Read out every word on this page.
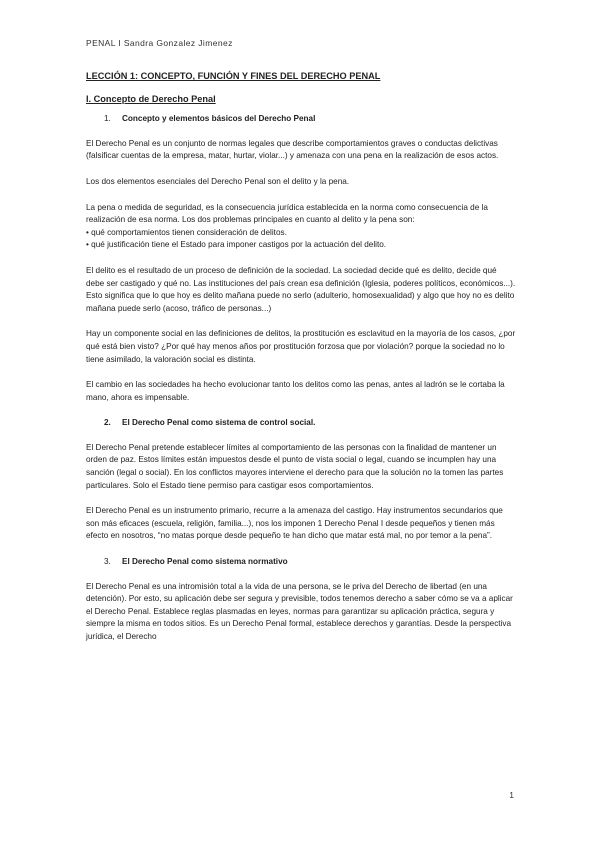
PENAL I Sandra Gonzalez Jimenez
LECCIÓN 1: CONCEPTO, FUNCIÓN Y FINES DEL DERECHO PENAL
I. Concepto de Derecho Penal
1. Concepto y elementos básicos del Derecho Penal

El Derecho Penal es un conjunto de normas legales que describe comportamientos graves o conductas delictivas (falsificar cuentas de la empresa, matar, hurtar, violar...) y amenaza con una pena en la realización de esos actos.

Los dos elementos esenciales del Derecho Penal son el delito y la pena.

La pena o medida de seguridad, es la consecuencia jurídica establecida en la norma como consecuencia de la realización de esa norma. Los dos problemas principales en cuanto al delito y la pena son:

• qué comportamientos tienen consideración de delitos.
• qué justificación tiene el Estado para imponer castigos por la actuación del delito.

El delito es el resultado de un proceso de definición de la sociedad. La sociedad decide qué es delito, decide qué debe ser castigado y qué no. Las instituciones del país crean esa definición (Iglesia, poderes políticos, económicos...). Esto significa que lo que hoy es delito mañana puede no serlo (adulterio, homosexualidad) y algo que hoy no es delito mañana puede serlo (acoso, tráfico de personas...)

Hay un componente social en las definiciones de delitos, la prostitución es esclavitud en la mayoría de los casos, ¿por qué está bien visto? ¿Por qué hay menos años por prostitución forzosa que por violación? porque la sociedad no lo tiene asimilado, la valoración social es distinta.

El cambio en las sociedades ha hecho evolucionar tanto los delitos como las penas, antes al ladrón se le cortaba la mano, ahora es impensable.

2. El Derecho Penal como sistema de control social.

El Derecho Penal pretende establecer límites al comportamiento de las personas con la finalidad de mantener un orden de paz. Estos límites están impuestos desde el punto de vista social o legal, cuando se incumplen hay una sanción (legal o social). En los conflictos mayores interviene el derecho para que la solución no la tomen las partes particulares. Solo el Estado tiene permiso para castigar esos comportamientos.

El Derecho Penal es un instrumento primario, recurre a la amenaza del castigo. Hay instrumentos secundarios que son más eficaces (escuela, religión, familia...), nos los imponen 1 Derecho Penal I desde pequeños y tienen más efecto en nosotros, “no matas porque desde pequeño te han dicho que matar está mal, no por temor a la pena”.

3. El Derecho Penal como sistema normativo

El Derecho Penal es una intromisión total a la vida de una persona, se le priva del Derecho de libertad (en una detención). Por esto, su aplicación debe ser segura y previsible, todos tenemos derecho a saber cómo se va a aplicar el Derecho Penal. Establece reglas plasmadas en leyes, normas para garantizar su aplicación práctica, segura y siempre la misma en todos sitios. Es un Derecho Penal formal, establece derechos y garantías. Desde la perspectiva jurídica, el Derecho

1
